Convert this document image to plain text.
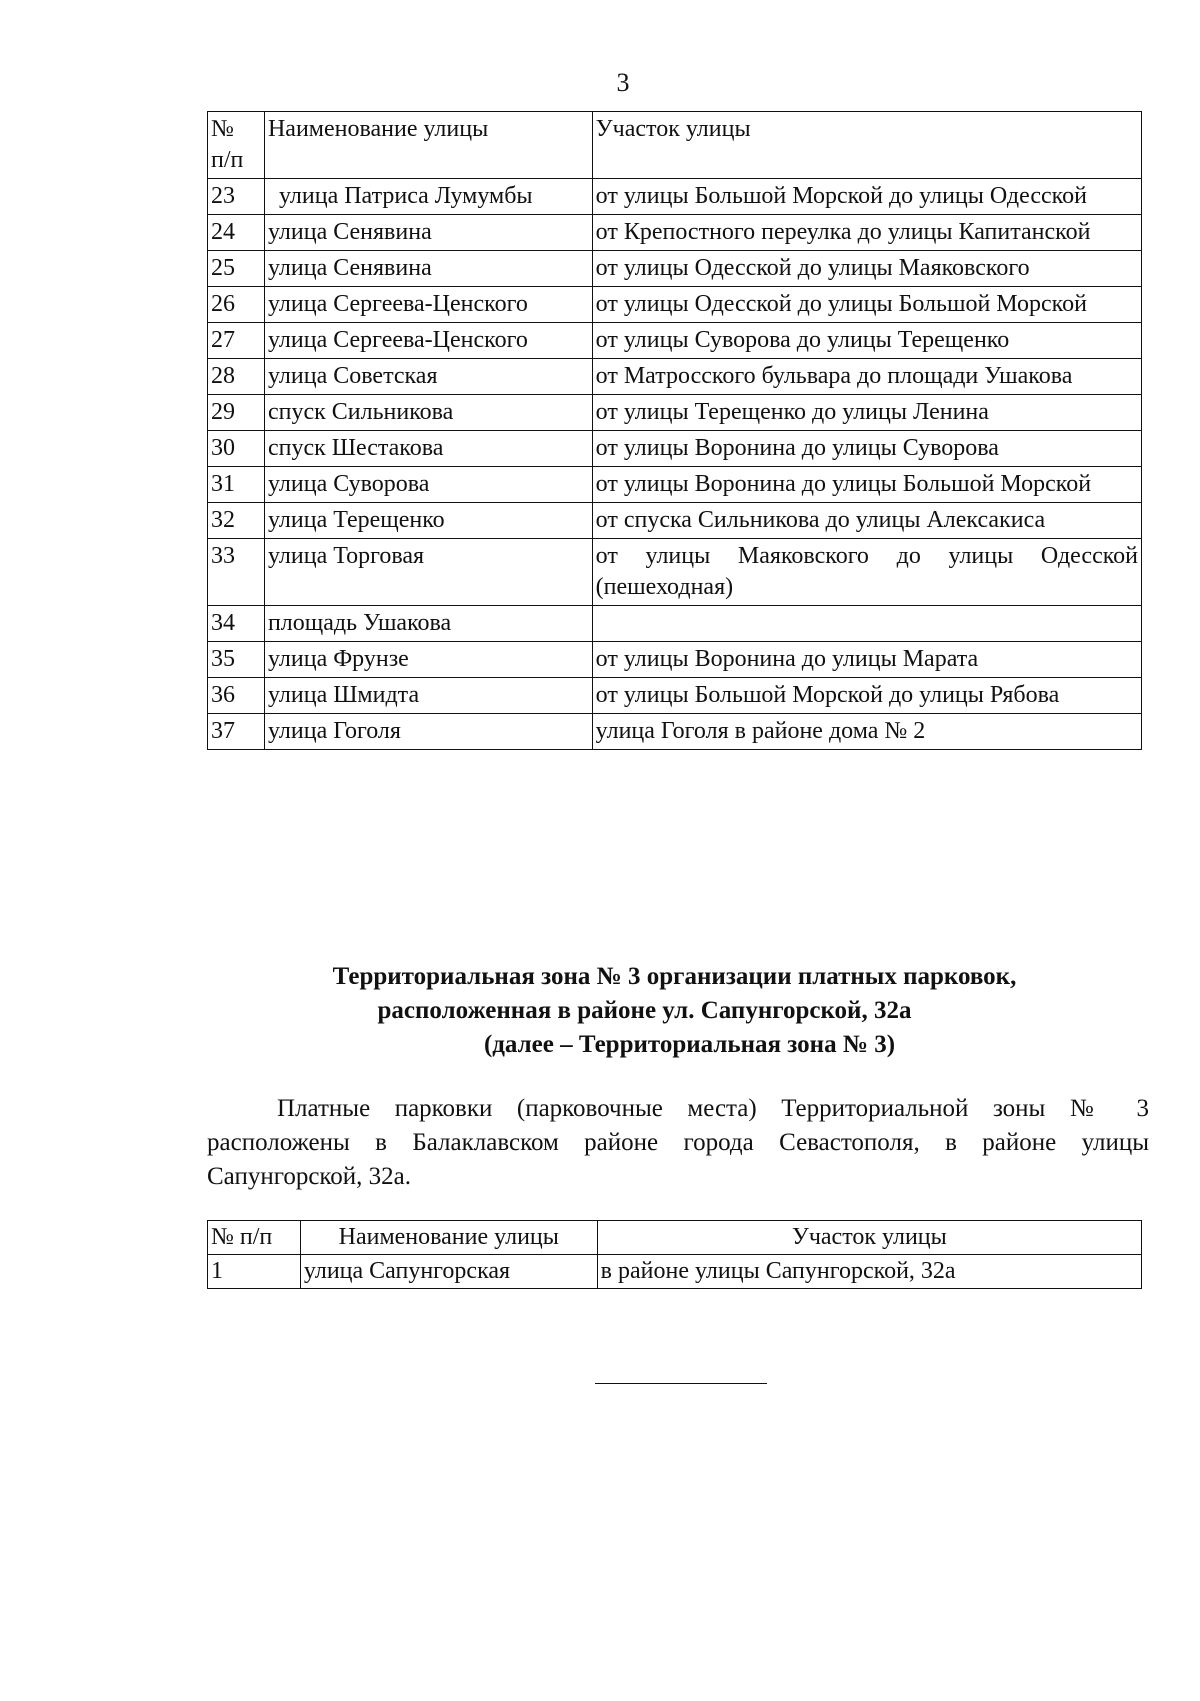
3
№
п/п	Наименование улицы	Участок улицы
23	улица Патриса Лумумбы	от улицы Большой Морской до улицы Одесской
24	улица Сенявина	от Крепостного переулка до улицы Капитанской
25	улица Сенявина	от улицы Одесской до улицы Маяковского
26	улица Сергеева-Ценского	от улицы Одесской до улицы Большой Морской
27	улица Сергеева-Ценского	от улицы Суворова до улицы Терещенко
28	улица Советская	от Матросского бульвара до площади Ушакова
29	спуск Сильникова	от улицы Терещенко до улицы Ленина
30	спуск Шестакова	от улицы Воронина до улицы Суворова
31	улица Суворова	от улицы Воронина до улицы Большой Морской
32	улица Терещенко	от спуска Сильникова до улицы Алексакиса
33	улица Торговая	от улицы Маяковского до улицы Одесской (пешеходная)
34	площадь Ушакова	
35	улица Фрунзе	от улицы Воронина до улицы Марата
36	улица Шмидта	от улицы Большой Морской до улицы Рябова
37	улица Гоголя	улица Гоголя в районе дома № 2
Территориальная зона № 3 организации платных парковок,
расположенная в районе ул. Сапунгорской, 32а
(далее – Территориальная зона № 3)
Платные парковки (парковочные места) Территориальной зоны № 3 расположены в Балаклавском районе города Севастополя, в районе улицы Сапунгорской, 32а.
№ п/п	Наименование улицы	Участок улицы
1	улица Сапунгорская	в районе улицы Сапунгорской, 32а
